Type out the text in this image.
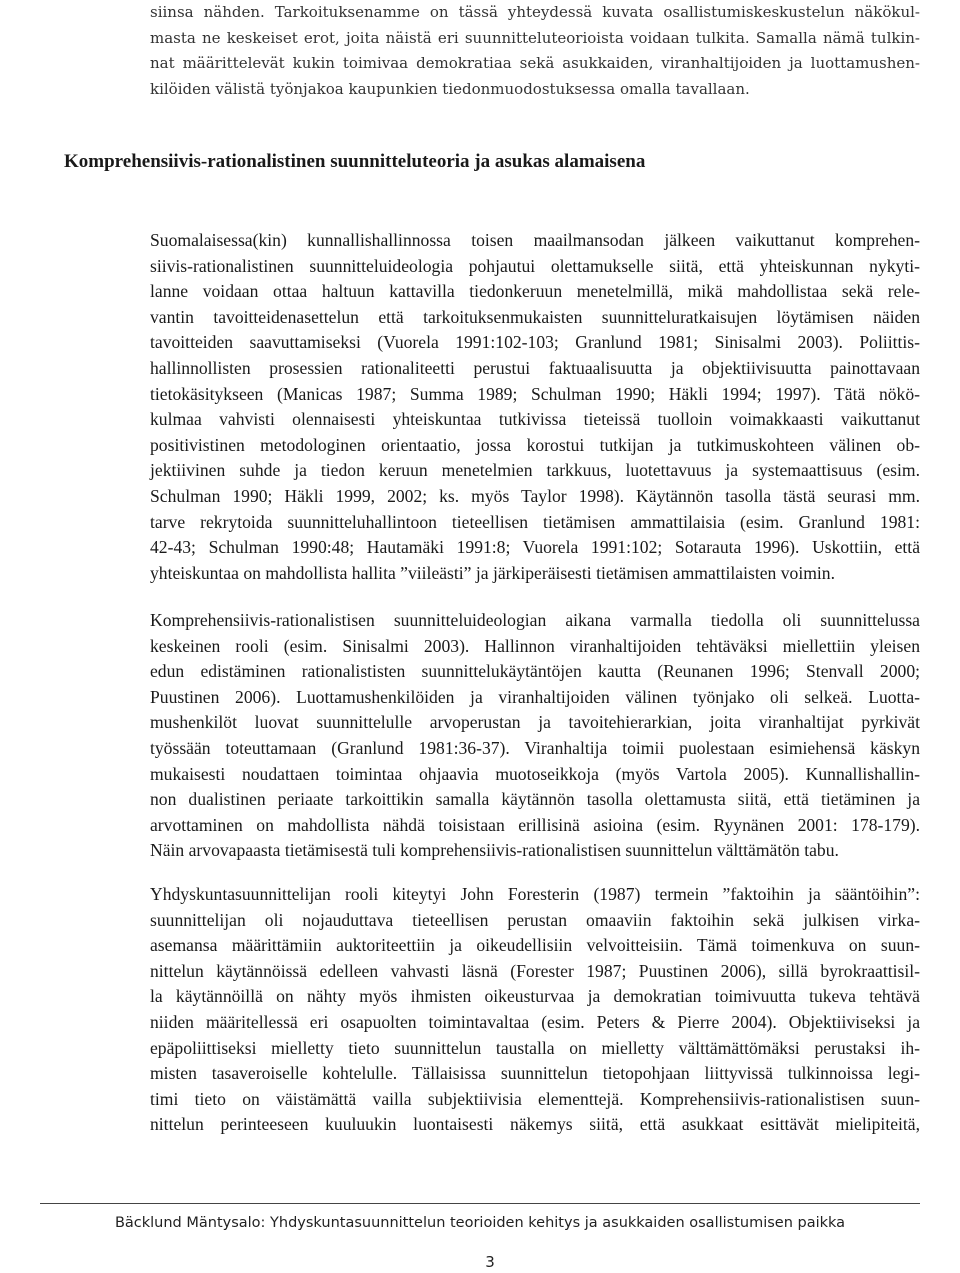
siinsa nähden. Tarkoituksenamme on tässä yhteydessä kuvata osallistumiskeskustelun näkökul-
masta ne keskeiset erot, joita näistä eri suunnitteluteorioista voidaan tulkita. Samalla nämä tulkin-
nat määrittelevät kukin toimivaa demokratiaa sekä asukkaiden, viranhaltijoiden ja luottamushen-
kilöiden välistä työnjakoa kaupunkien tiedonmuodostuksessa omalla tavallaan.

Komprehensiivis-rationalistinen suunnitteluteoria ja asukas alamaisena

Suomalaisessa(kin) kunnallishallinnossa toisen maailmansodan jälkeen vaikuttanut komprehen-
siivis-rationalistinen suunnitteluideologia pohjautui olettamukselle siitä, että yhteiskunnan nykyti-
lanne voidaan ottaa haltuun kattavilla tiedonkeruun menetelmillä, mikä mahdollistaa sekä rele-
vantin tavoitteidenasettelun että tarkoituksenmukaisten suunnitteluratkaisujen löytämisen näiden
tavoitteiden saavuttamiseksi (Vuorela 1991:102-103; Granlund 1981; Sinisalmi 2003). Poliittis-
hallinnollisten prosessien rationaliteetti perustui faktuaalisuutta ja objektiivisuutta painottavaan
tietokäsitykseen (Manicas 1987; Summa 1989; Schulman 1990; Häkli 1994; 1997). Tätä nökö-
kulmaa vahvisti olennaisesti yhteiskuntaa tutkivissa tieteissä tuolloin voimakkaasti vaikuttanut
positivistinen metodologinen orientaatio, jossa korostui tutkijan ja tutkimuskohteen välinen ob-
jektiivinen suhde ja tiedon keruun menetelmien tarkkuus, luotettavuus ja systemaattisuus (esim.
Schulman 1990; Häkli 1999, 2002; ks. myös Taylor 1998). Käytännön tasolla tästä seurasi mm.
tarve rekrytoida suunnitteluhallintoon tieteellisen tietämisen ammattilaisia (esim. Granlund 1981:
42-43; Schulman 1990:48; Hautamäki 1991:8; Vuorela 1991:102; Sotarauta 1996). Uskottiin, että
yhteiskuntaa on mahdollista hallita ”viileästi” ja järkiperäisesti tietämisen ammattilaisten voimin.

Komprehensiivis-rationalistisen suunnitteluideologian aikana varmalla tiedolla oli suunnittelussa
keskeinen rooli (esim. Sinisalmi 2003). Hallinnon viranhaltijoiden tehtäväksi miellettiin yleisen
edun edistäminen rationalististen suunnittelukäytäntöjen kautta (Reunanen 1996; Stenvall 2000;
Puustinen 2006). Luottamushenkilöiden ja viranhaltijoiden välinen työnjako oli selkeä. Luotta-
mushenkilöt luovat suunnittelulle arvoperustan ja tavoitehierarkian, joita viranhaltijat pyrkivät
työssään toteuttamaan (Granlund 1981:36-37). Viranhaltija toimii puolestaan esimiehensä käskyn
mukaisesti noudattaen toimintaa ohjaavia muotoseikkoja (myös Vartola 2005). Kunnallishallin-
non dualistinen periaate tarkoittikin samalla käytännön tasolla olettamusta siitä, että tietäminen ja
arvottaminen on mahdollista nähdä toisistaan erillisinä asioina (esim. Ryynänen 2001: 178-179).
Näin arvovapaasta tietämisestä tuli komprehensiivis-rationalistisen suunnittelun välttämätön tabu.

Yhdyskuntasuunnittelijan rooli kiteytyi John Foresterin (1987) termein ”faktoihin ja sääntöihin”:
suunnittelijan oli nojauduttava tieteellisen perustan omaaviin faktoihin sekä julkisen virka-
asemansa määrittämiin auktoriteettiin ja oikeudellisiin velvoitteisiin. Tämä toimenkuva on suun-
nittelun käytännöissä edelleen vahvasti läsnä (Forester 1987; Puustinen 2006), sillä byrokraattisil-
la käytännöillä on nähty myös ihmisten oikeusturvaa ja demokratian toimivuutta tukeva tehtävä
niiden määritellessä eri osapuolten toimintavaltaa (esim. Peters & Pierre 2004). Objektiiviseksi ja
epäpoliittiseksi mielletty tieto suunnittelun taustalla on mielletty välttämättömäksi perustaksi ih-
misten tasaveroiselle kohtelulle. Tällaisissa suunnittelun tietopohjaan liittyvissä tulkinnoissa legi-
timi tieto on väistämättä vailla subjektiivisia elementtejä. Komprehensiivis-rationalistisen suun-
nittelun perinteeseen kuuluukin luontaisesti näkemys siitä, että asukkaat esittävät mielipiteitä,

Bäcklund Mäntysalo: Yhdyskuntasuunnittelun teorioiden kehitys ja asukkaiden osallistumisen paikka
3
